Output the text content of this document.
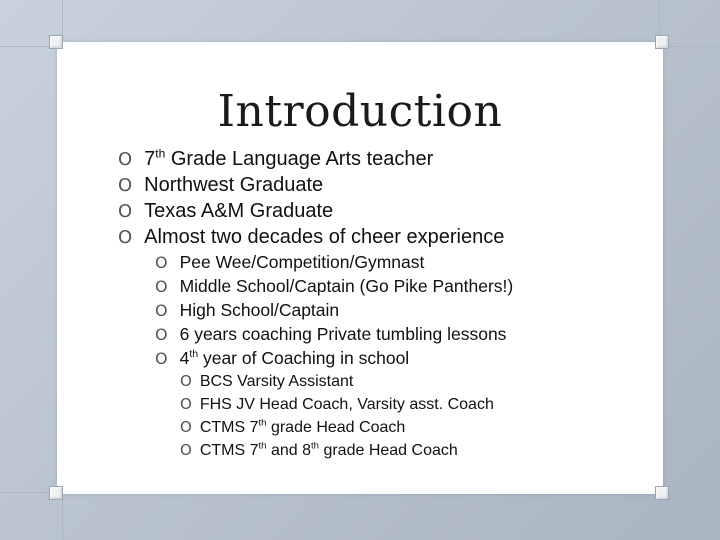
Introduction
O 7th Grade Language Arts teacher
O Northwest Graduate
O Texas A&M Graduate
O Almost two decades of cheer experience
O Pee Wee/Competition/Gymnast
O Middle School/Captain (Go Pike Panthers!)
O High School/Captain
O 6 years coaching Private tumbling lessons
O 4th year of Coaching in school
O BCS Varsity Assistant
O FHS JV Head Coach, Varsity asst. Coach
O CTMS 7th grade Head Coach
O CTMS 7th and 8th grade Head Coach
